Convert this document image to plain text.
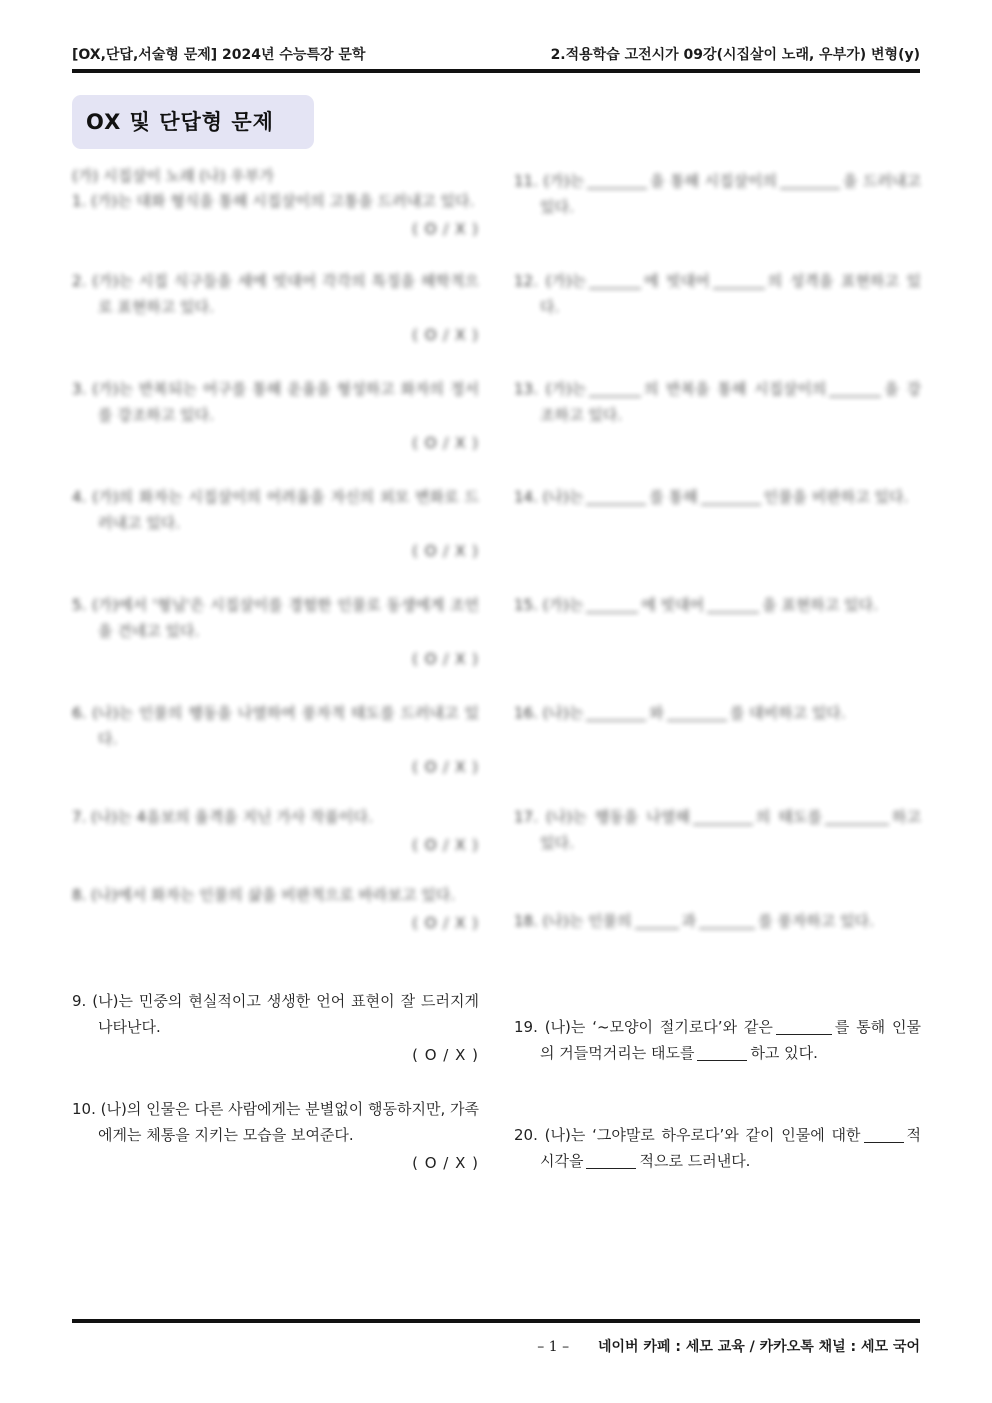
[OX,단답,서술형 문제] 2024년 수능특강 문학	2.적용학습 고전시가 09강(시집살이 노래, 우부가) 변형(y)
OX 및 단답형 문제
(가) 시집살이 노래 (나) 우부가
1. (가)는 대화 형식을 통해 시집살이의 고통을 드러내고 있다.
( O / X )
2. (가)는 시집 식구들을 새에 빗대어 각각의 특징을 해학적으로 표현하고 있다.
( O / X )
3. (가)는 반복되는 어구를 통해 운율을 형성하고 화자의 정서를 강조하고 있다.
( O / X )
4. (가)의 화자는 시집살이의 어려움을 자신의 외모 변화로 드러내고 있다.
( O / X )
5. (가)에서 '형님'은 시집살이를 경험한 인물로 동생에게 조언을 건네고 있다.
( O / X )
6. (나)는 인물의 행동을 나열하여 풍자적 태도를 드러내고 있다.
( O / X )
7. (나)는 4음보의 율격을 지닌 가사 작품이다.
( O / X )
8. (나)에서 화자는 인물의 삶을 비판적으로 바라보고 있다.
( O / X )
9. (나)는 민중의 현실적이고 생생한 언어 표현이 잘 드러지게 나타난다.
( O / X )
10. (나)의 인물은 다른 사람에게는 분별없이 행동하지만, 가족에게는 체통을 지키는 모습을 보여준다.
( O / X )
11. (가)는	을 통해 시집살이의	을 드러내고 있다.
12. (가)는	에 빗대어	의 성격을 표현하고 있다.
13. (가)는	의 반복을 통해 시집살이의	을 강조하고 있다.
14. (나)는	를 통해	인물을 비판하고 있다.
15. (가)는	에 빗대어	을 표현하고 있다.
16. (나)는	와	를 대비하고 있다.
17. (나)는 행동을 나열해	의 태도를	하고 있다.
18. (나)는 인물의	과	를 풍자하고 있다.
19. (나)는 ‘~모양이 절기로다’와 같은	를 통해 인물의 거들먹거리는 태도를	하고 있다.
20. (나)는 ‘그야말로 하우로다’와 같이 인물에 대한	적 시각을	적으로 드러낸다.
– 1 – 네이버 카페 : 세모 교육 / 카카오톡 채널 : 세모 국어
